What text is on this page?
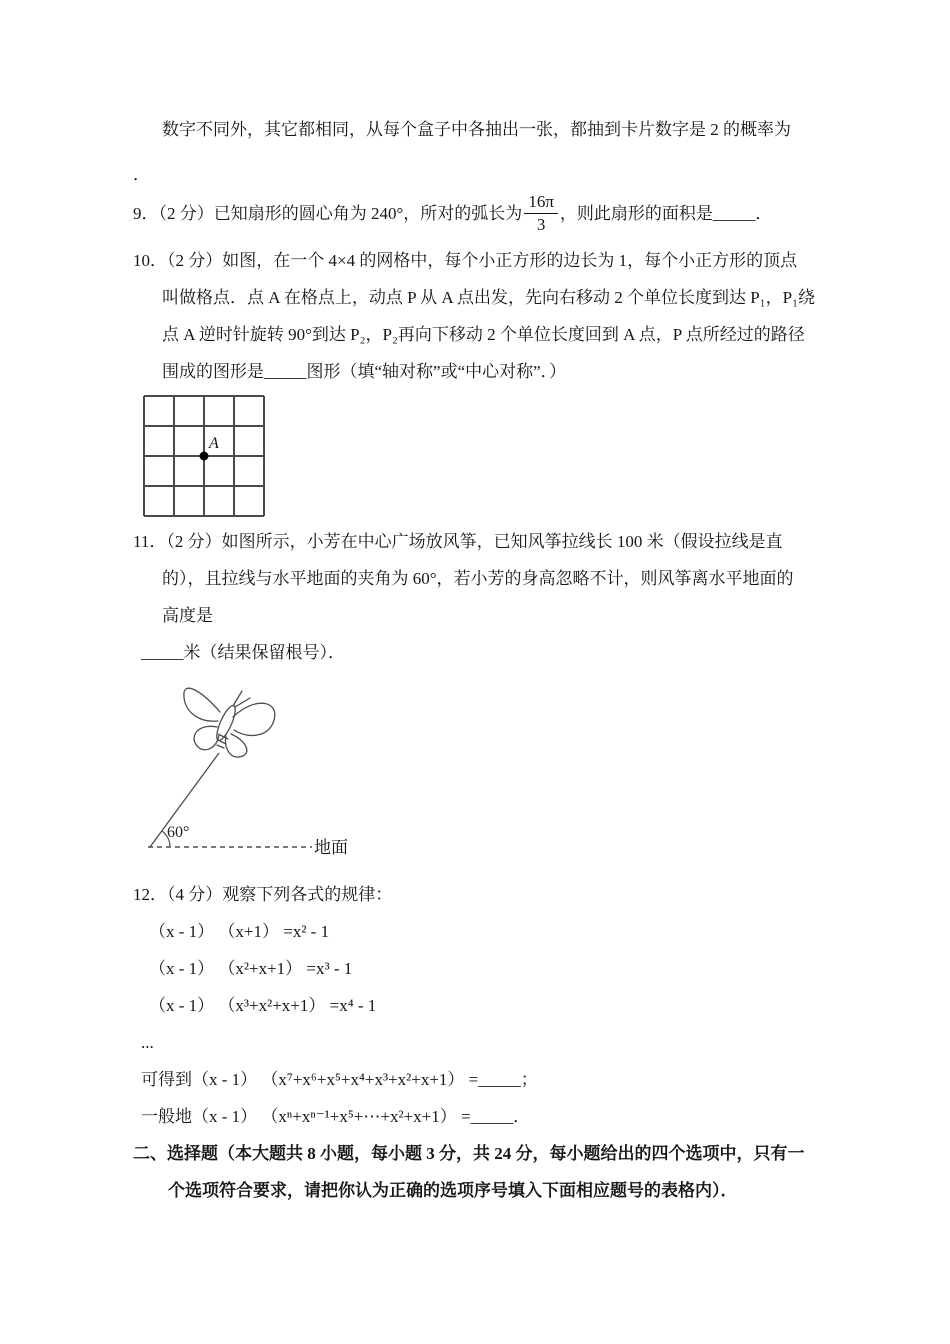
数字不同外，其它都相同，从每个盒子中各抽出一张，都抽到卡片数字是 2 的概率为

．

9．（2 分）已知扇形的圆心角为 240°，所对的弧长为 $\frac{16\pi}{3}$ ，则此扇形的面积是_____．

10．（2 分）如图，在一个 4×4 的网格中，每个小正方形的边长为 1，每个小正方形的顶点

叫做格点．点 A 在格点上，动点 P 从 A 点出发，先向右移动 2 个单位长度到达 P₁，P₁绕

点 A 逆时针旋转 90°到达 P₂，P₂再向下移动 2 个单位长度回到 A 点，P 点所经过的路径

围成的图形是_____图形（填“轴对称”或“中心对称”．）

A

11．（2 分）如图所示，小芳在中心广场放风筝，已知风筝拉线长 100 米（假设拉线是直

的），且拉线与水平地面的夹角为 60°，若小芳的身高忽略不计，则风筝离水平地面的

高度是

_____米（结果保留根号）．

60°
地面

12．（4 分）观察下列各式的规律：

（x - 1） （x+1） =x² - 1

（x - 1） （x²+x+1） =x³ - 1

（x - 1） （x³+x²+x+1） =x⁴ - 1

...

可得到（x - 1） （x⁷+x⁶+x⁵+x⁴+x³+x²+x+1） =_____；

一般地（x - 1） （xⁿ+xⁿ⁻¹+x⁵+⋯+x²+x+1） =_____．

二、选择题（本大题共 8 小题，每小题 3 分，共 24 分，每小题给出的四个选项中，只有一

个选项符合要求，请把你认为正确的选项序号填入下面相应题号的表格内）．
